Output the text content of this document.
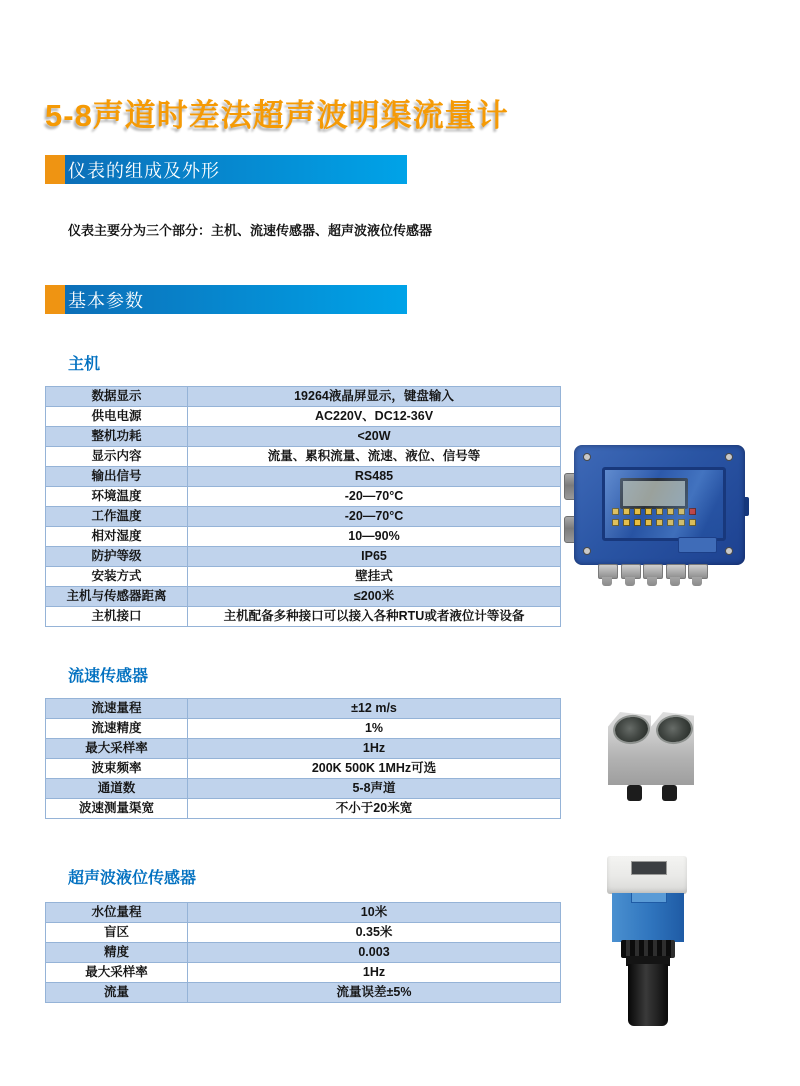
5-8声道时差法超声波明渠流量计
仪表的组成及外形

仪表主要分为三个部分：主机、流速传感器、超声波液位传感器

基本参数
主机
数据显示	19264液晶屏显示，键盘输入
供电电源	AC220V、DC12-36V
整机功耗	<20W
显示内容	流量、累积流量、流速、液位、信号等
输出信号	RS485
环境温度	-20—70°C
工作温度	-20—70°C
相对湿度	10—90%
防护等级	IP65
安装方式	壁挂式
主机与传感器距离	≤200米
主机接口	主机配备多种接口可以接入各种RTU或者液位计等设备
流速传感器
流速量程	±12 m/s
流速精度	1%
最大采样率	1Hz
波束频率	200K 500K 1MHz可选
通道数	5-8声道
波速测量渠宽	不小于20米宽
超声波液位传感器
水位量程	10米
盲区	0.35米
精度	0.003
最大采样率	1Hz
流量	流量误差±5%
